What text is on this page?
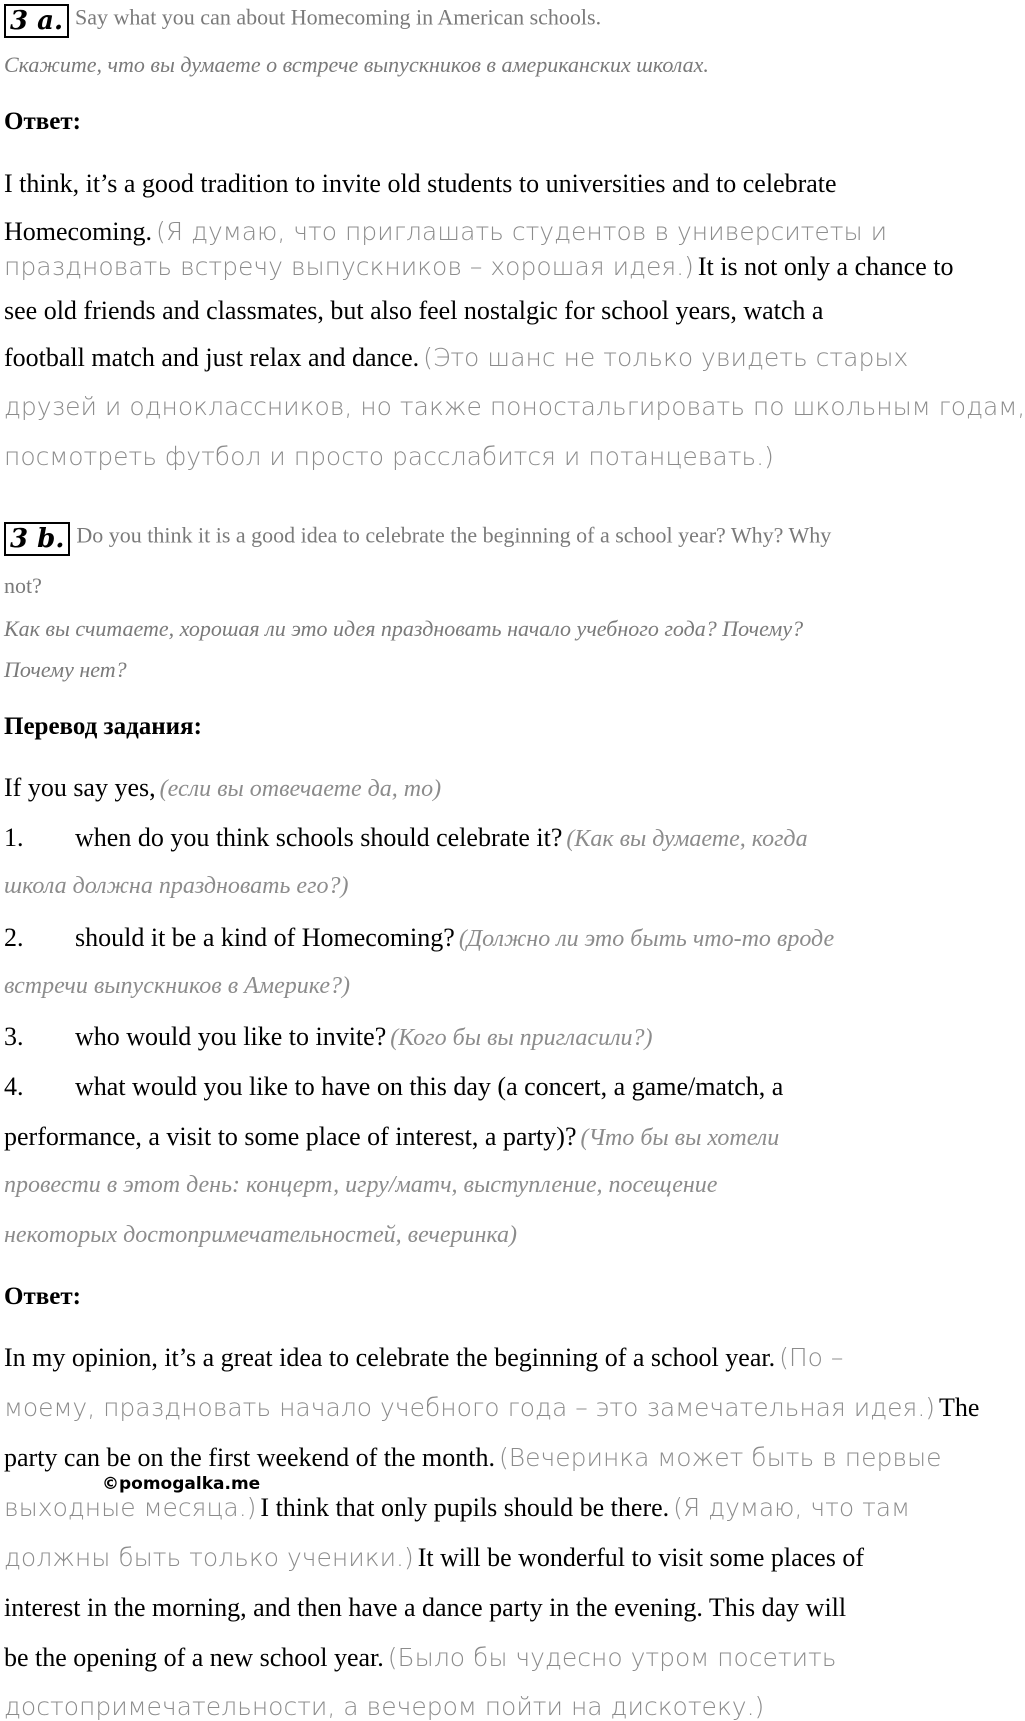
3 a. Say what you can about Homecoming in American schools.
Скажите, что вы думаете о встрече выпускников в американских школах.
Ответ:
I think, it’s a good tradition to invite old students to universities and to celebrate
Homecoming. (Я думаю, что приглашать студентов в университеты и
праздновать встречу выпускников – хорошая идея.) It is not only a chance to
see old friends and classmates, but also feel nostalgic for school years, watch a
football match and just relax and dance. (Это шанс не только увидеть старых
друзей и одноклассников, но также поностальгировать по школьным годам,
посмотреть футбол и просто расслабится и потанцевать.)
3 b. Do you think it is a good idea to celebrate the beginning of a school year? Why? Why
not?
Как вы считаете, хорошая ли это идея праздновать начало учебного года? Почему?
Почему нет?
Перевод задания:
If you say yes, (если вы отвечаете да, то)
1. when do you think schools should celebrate it? (Как вы думаете, когда
школа должна праздновать его?)
2. should it be a kind of Homecoming? (Должно ли это быть что-то вроде
встречи выпускников в Америке?)
3. who would you like to invite? (Кого бы вы пригласили?)
4. what would you like to have on this day (a concert, a game/match, a
performance, a visit to some place of interest, a party)? (Что бы вы хотели
провести в этот день: концерт, игру/матч, выступление, посещение
некоторых достопримечательностей, вечеринка)
Ответ:
In my opinion, it’s a great idea to celebrate the beginning of a school year. (По –
моему, праздновать начало учебного года – это замечательная идея.) The
party can be on the first weekend of the month. (Вечеринка может быть в первые
выходные месяца.) I think that only pupils should be there. (Я думаю, что там
должны быть только ученики.) It will be wonderful to visit some places of
interest in the morning, and then have a dance party in the evening. This day will
be the opening of a new school year. (Было бы чудесно утром посетить
достопримечательности, а вечером пойти на дискотеку.)
©pomogalka.me
